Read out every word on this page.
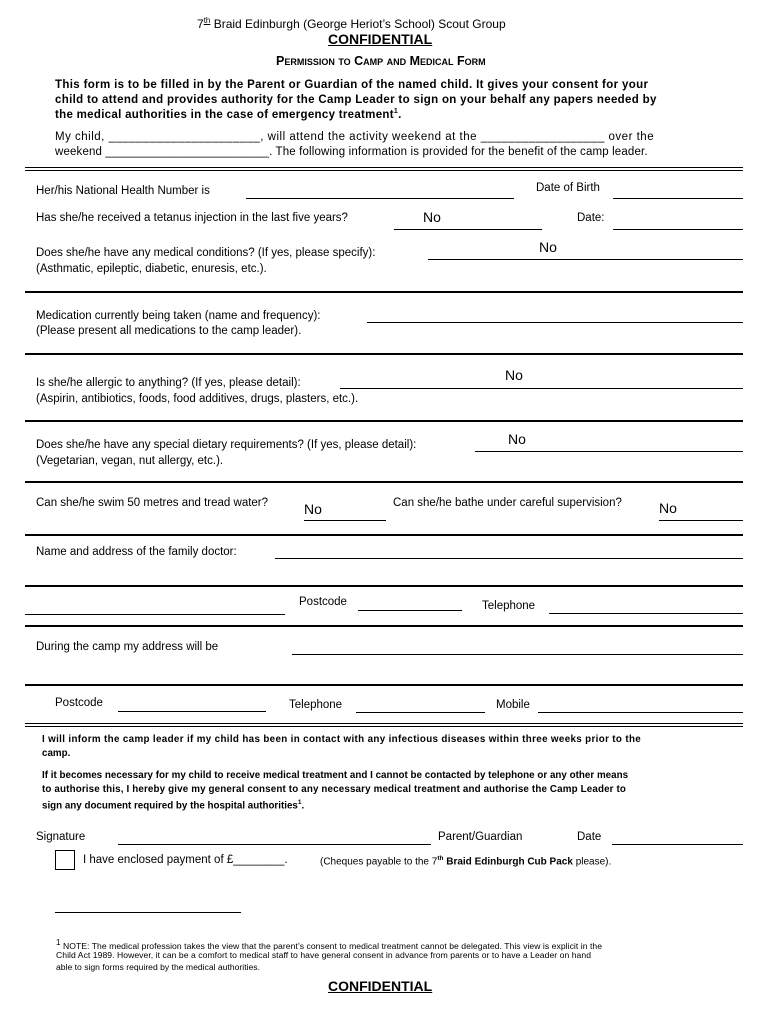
7th Braid Edinburgh (George Heriot’s School) Scout Group
CONFIDENTIAL
Permission to Camp and Medical Form
This form is to be filled in by the Parent or Guardian of the named child. It gives your consent for your
child to attend and provides authority for the Camp Leader to sign on your behalf any papers needed by
the medical authorities in the case of emergency treatment$^1$.
My child, ______________________, will attend the activity weekend at the __________________ over the
weekend _________________________. The following information is provided for the benefit of the camp leader.
Her/his National Health Number is	Date of Birth
Has she/he received a tetanus injection in the last five years?	No	Date:
Does she/he have any medical conditions? (If yes, please specify):
(Asthmatic, epileptic, diabetic, enuresis, etc.).
No
Medication currently being taken (name and frequency):
(Please present all medications to the camp leader).
Is she/he allergic to anything? (If yes, please detail):
(Aspirin, antibiotics, foods, food additives, drugs, plasters, etc.).
No
Does she/he have any special dietary requirements? (If yes, please detail):
(Vegetarian, vegan, nut allergy, etc.).
No
Can she/he swim 50 metres and tread water?	No	Can she/he bathe under careful supervision?	No
Name and address of the family doctor:
Postcode	Telephone
During the camp my address will be
Postcode	Telephone	Mobile
I will inform the camp leader if my child has been in contact with any infectious diseases within three weeks prior to the
camp.
If it becomes necessary for my child to receive medical treatment and I cannot be contacted by telephone or any other means
to authorise this, I hereby give my general consent to any necessary medical treatment and authorise the Camp Leader to
sign any document required by the hospital authorities$^1$.
Signature	Parent/Guardian	Date
I have enclosed payment of £________.	(Cheques payable to the 7th Braid Edinburgh Cub Pack please).
$^1$ NOTE: The medical profession takes the view that the parent’s consent to medical treatment cannot be delegated. This view is explicit in the
Child Act 1989. However, it can be a comfort to medical staff to have general consent in advance from parents or to have a Leader on hand
able to sign forms required by the medical authorities.
CONFIDENTIAL
